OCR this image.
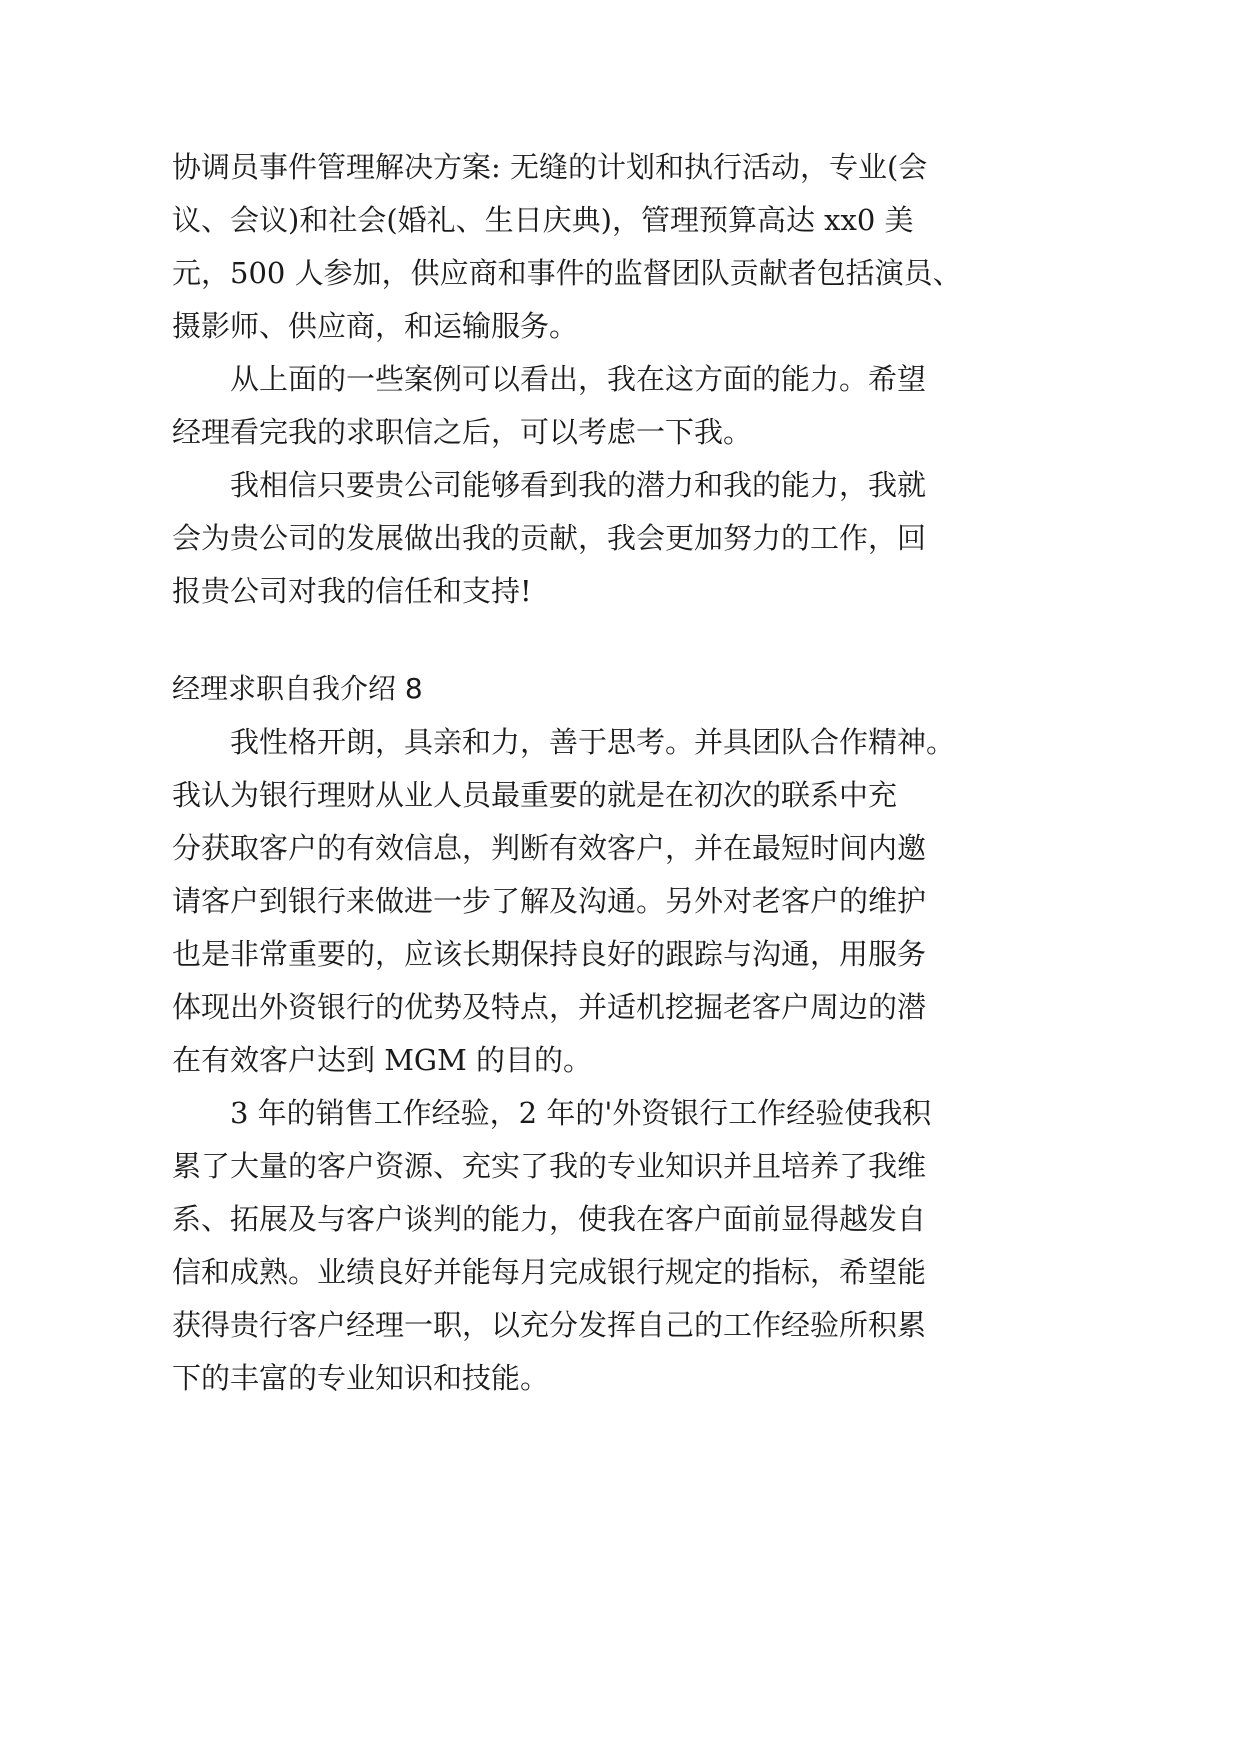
协调员事件管理解决方案: 无缝的计划和执行活动，专业(会
议、会议)和社会(婚礼、生日庆典)，管理预算高达 xx0 美
元，500 人参加，供应商和事件的监督团队贡献者包括演员、
摄影师、供应商，和运输服务。
从上面的一些案例可以看出，我在这方面的能力。希望
经理看完我的求职信之后，可以考虑一下我。
我相信只要贵公司能够看到我的潜力和我的能力，我就
会为贵公司的发展做出我的贡献，我会更加努力的工作，回
报贵公司对我的信任和支持!
经理求职自我介绍 8
我性格开朗，具亲和力，善于思考。并具团队合作精神。
我认为银行理财从业人员最重要的就是在初次的联系中充
分获取客户的有效信息，判断有效客户，并在最短时间内邀
请客户到银行来做进一步了解及沟通。另外对老客户的维护
也是非常重要的，应该长期保持良好的跟踪与沟通，用服务
体现出外资银行的优势及特点，并适机挖掘老客户周边的潜
在有效客户达到 MGM 的目的。
3 年的销售工作经验，2 年的'外资银行工作经验使我积
累了大量的客户资源、充实了我的专业知识并且培养了我维
系、拓展及与客户谈判的能力，使我在客户面前显得越发自
信和成熟。业绩良好并能每月完成银行规定的指标，希望能
获得贵行客户经理一职，以充分发挥自己的工作经验所积累
下的丰富的专业知识和技能。
